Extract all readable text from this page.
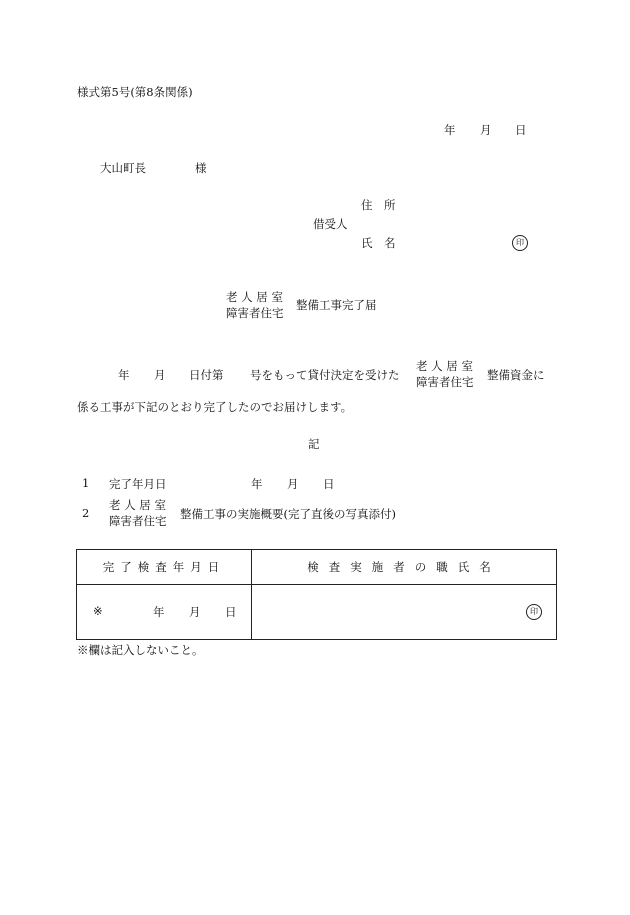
様式第5号(第8条関係)
年 月 日
大山町長	様
住　所
借受人
氏　名	印
老 人 居 室
障害者住宅
整備工事完了届
年 月 日付第 号をもって貸付決定を受けた
老 人 居 室
障害者住宅 整備資金に
係る工事が下記のとおり完了したのでお届けします。
記
1 完了年月日	年 月 日
2
老 人 居 室
障害者住宅 整備工事の実施概要(完了直後の写真添付)
完了検査年月日	検査実施者の職氏名

※ 年 月 日	印
※欄は記入しないこと。
